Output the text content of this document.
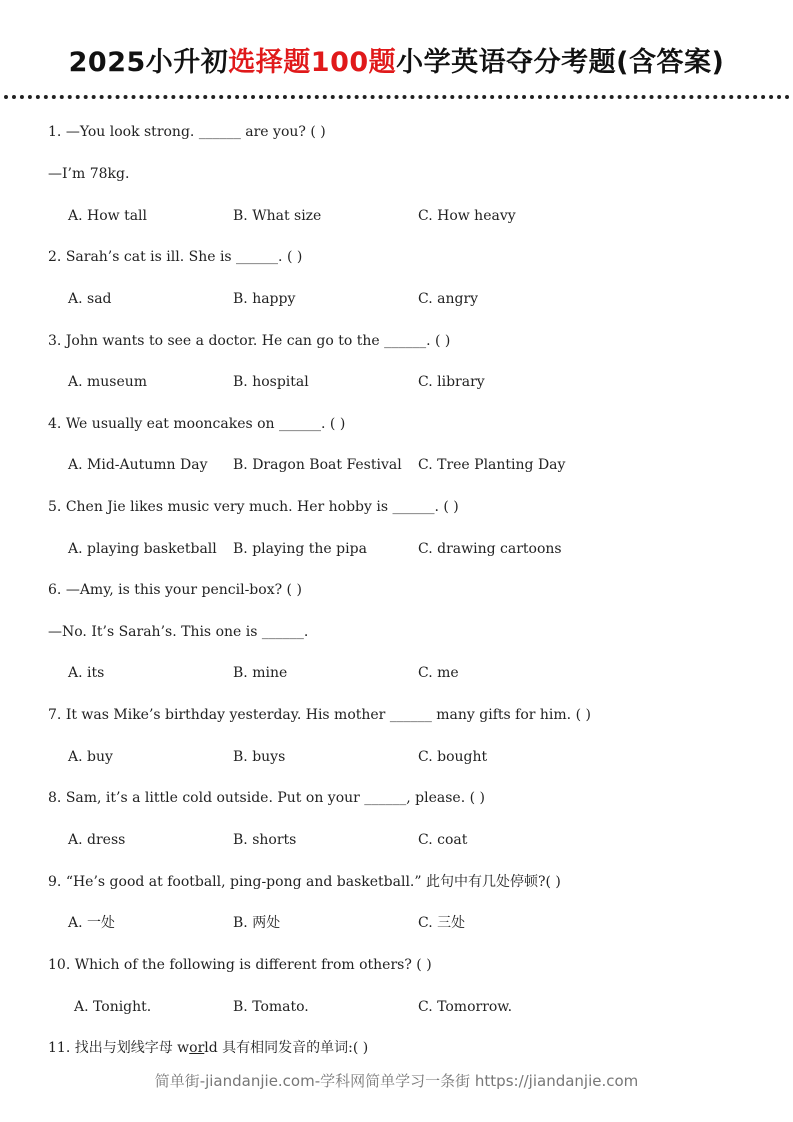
2025小升初选择题100题小学英语夺分考题(含答案)
1. —You look strong. ______ are you? ( )
—I’m 78kg.
A. How tall	B. What size	C. How heavy
2. Sarah’s cat is ill. She is ______. ( )
A. sad	B. happy	C. angry
3. John wants to see a doctor. He can go to the ______. ( )
A. museum	B. hospital	C. library
4. We usually eat mooncakes on ______. ( )
A. Mid-Autumn Day B. Dragon Boat Festival C. Tree Planting Day
5. Chen Jie likes music very much. Her hobby is ______. ( )
A. playing basketball B. playing the pipa	C. drawing cartoons
6. —Amy, is this your pencil-box? ( )
—No. It’s Sarah’s. This one is ______.
A. its	B. mine	C. me
7. It was Mike’s birthday yesterday. His mother ______ many gifts for him. ( )
A. buy	B. buys	C. bought
8. Sam, it’s a little cold outside. Put on your ______, please. ( )
A. dress	B. shorts	C. coat
9. “He’s good at football, ping-pong and basketball.” 此句中有几处停顿?( )
A. 一处	B. 两处	C. 三处
10. Which of the following is different from others? ( )
A. Tonight.	B. Tomato.	C. Tomorrow.
11. 找出与划线字母 world 具有相同发音的单词:( )
简单街-jiandanjie.com-学科网简单学习一条街 https://jiandanjie.com
